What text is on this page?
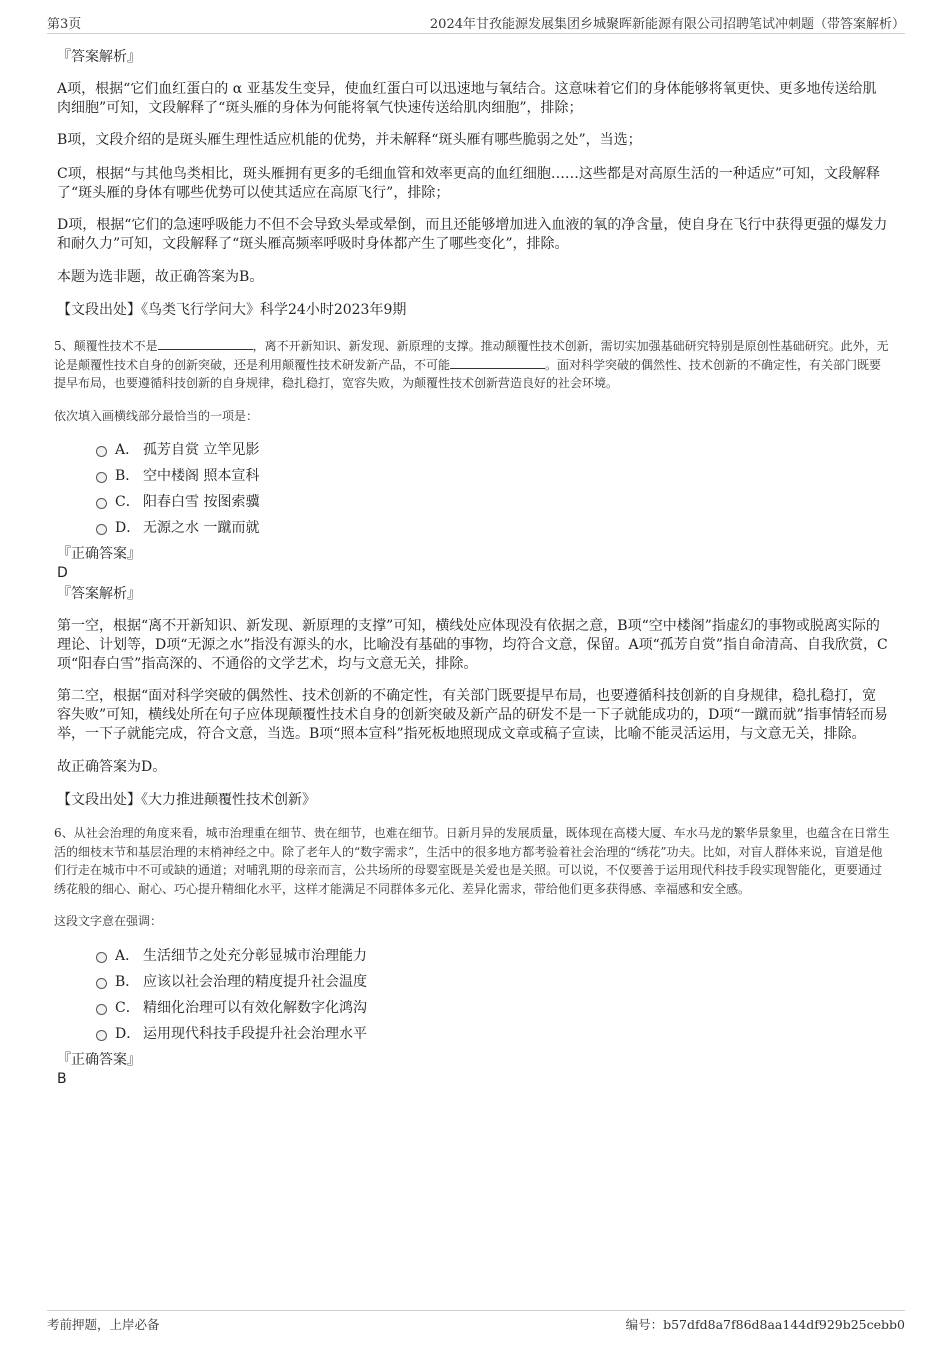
第3页	2024年甘孜能源发展集团乡城聚晖新能源有限公司招聘笔试冲刺题（带答案解析）

『答案解析』

A项，根据“它们血红蛋白的 α 亚基发生变异，使血红蛋白可以迅速地与氧结合。这意味着它们的身体能够将氧更快、更多地传送给肌肉细胞”可知，文段解释了“斑头雁的身体为何能将氧气快速传送给肌肉细胞”，排除；

B项，文段介绍的是斑头雁生理性适应机能的优势，并未解释“斑头雁有哪些脆弱之处”，当选；

C项，根据“与其他鸟类相比，斑头雁拥有更多的毛细血管和效率更高的血红细胞……这些都是对高原生活的一种适应”可知，文段解释了“斑头雁的身体有哪些优势可以使其适应在高原飞行”，排除；

D项，根据“它们的急速呼吸能力不但不会导致头晕或晕倒，而且还能够增加进入血液的氧的净含量，使自身在飞行中获得更强的爆发力和耐久力”可知，文段解释了“斑头雁高频率呼吸时身体都产生了哪些变化”，排除。

本题为选非题，故正确答案为B。

【文段出处】《鸟类飞行学问大》科学24小时2023年9期

5、颠覆性技术不是	，离不开新知识、新发现、新原理的支撑。推动颠覆性技术创新，需切实加强基础研究特别是原创性基础研究。此外，无论是颠覆性技术自身的创新突破，还是利用颠覆性技术研发新产品，不可能	。面对科学突破的偶然性、技术创新的不确定性，有关部门既要提早布局，也要遵循科技创新的自身规律，稳扎稳打，宽容失败，为颠覆性技术创新营造良好的社会环境。

依次填入画横线部分最恰当的一项是：

A． 孤芳自赏 立竿见影
B． 空中楼阁 照本宣科
C． 阳春白雪 按图索骥
D． 无源之水 一蹴而就

『正确答案』

D

『答案解析』

第一空，根据“离不开新知识、新发现、新原理的支撑”可知，横线处应体现没有依据之意，B项“空中楼阁”指虚幻的事物或脱离实际的理论、计划等，D项“无源之水”指没有源头的水，比喻没有基础的事物，均符合文意，保留。A项“孤芳自赏”指自命清高、自我欣赏，C项“阳春白雪”指高深的、不通俗的文学艺术，均与文意无关，排除。

第二空，根据“面对科学突破的偶然性、技术创新的不确定性，有关部门既要提早布局，也要遵循科技创新的自身规律，稳扎稳打，宽容失败”可知，横线处所在句子应体现颠覆性技术自身的创新突破及新产品的研发不是一下子就能成功的，D项“一蹴而就”指事情轻而易举，一下子就能完成，符合文意，当选。B项“照本宣科”指死板地照现成文章或稿子宣读，比喻不能灵活运用，与文意无关，排除。

故正确答案为D。

【文段出处】《大力推进颠覆性技术创新》

6、从社会治理的角度来看，城市治理重在细节、贵在细节，也难在细节。日新月异的发展质量，既体现在高楼大厦、车水马龙的繁华景象里，也蕴含在日常生活的细枝末节和基层治理的末梢神经之中。除了老年人的“数字需求”，生活中的很多地方都考验着社会治理的“绣花”功夫。比如，对盲人群体来说，盲道是他们行走在城市中不可或缺的通道；对哺乳期的母亲而言，公共场所的母婴室既是关爱也是关照。可以说，不仅要善于运用现代科技手段实现智能化，更要通过绣花般的细心、耐心、巧心提升精细化水平，这样才能满足不同群体多元化、差异化需求，带给他们更多获得感、幸福感和安全感。

这段文字意在强调：

A． 生活细节之处充分彰显城市治理能力
B． 应该以社会治理的精度提升社会温度
C． 精细化治理可以有效化解数字化鸿沟
D． 运用现代科技手段提升社会治理水平

『正确答案』

B

考前押题，上岸必备	编号：b57dfd8a7f86d8aa144df929b25cebb0
